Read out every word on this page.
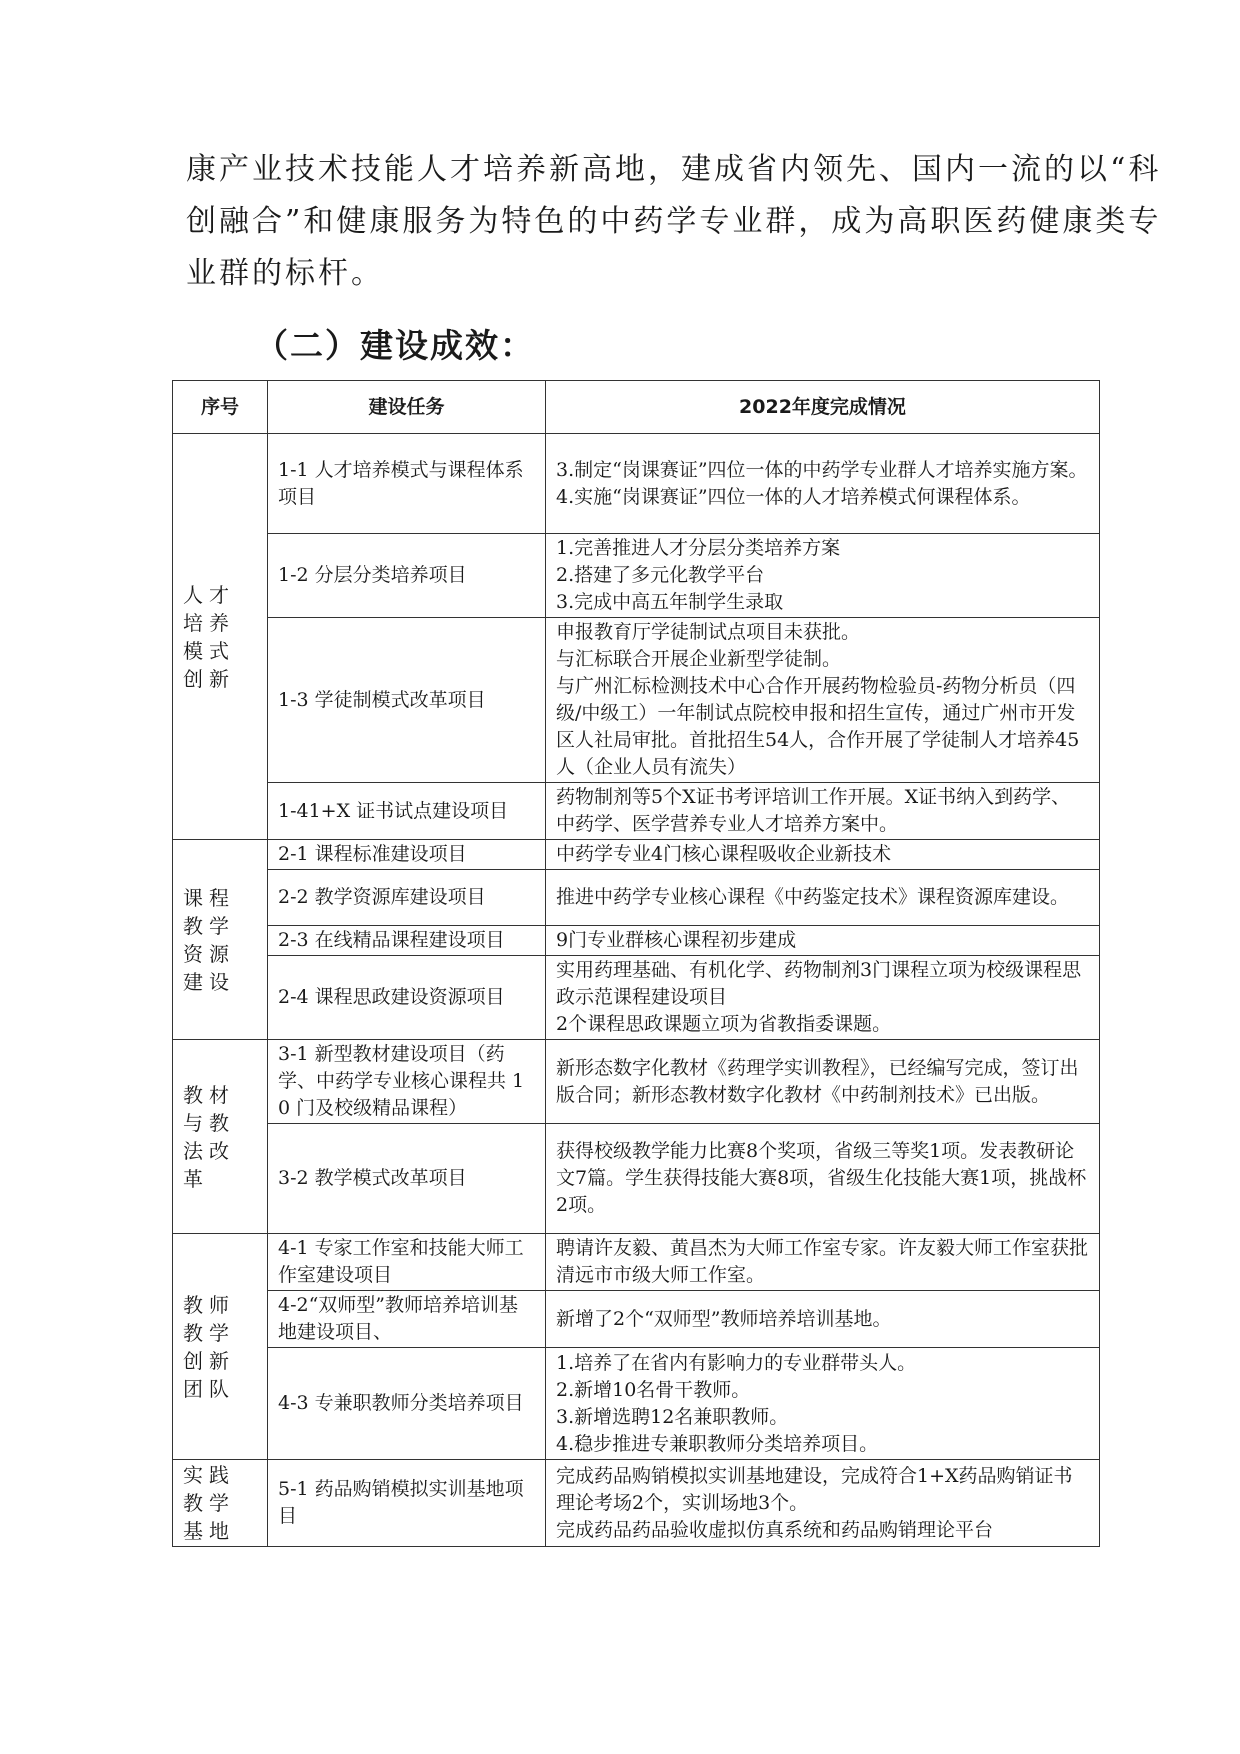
康产业技术技能人才培养新高地，建成省内领先、国内一流的以“科
创融合”和健康服务为特色的中药学专业群，成为高职医药健康类专
业群的标杆。
（二）建设成效：
序号	建设任务	2022年度完成情况
人才培养模式创新	1-1 人才培养模式与课程体系项目	3.制定“岗课赛证”四位一体的中药学专业群人才培养实施方案。
4.实施“岗课赛证”四位一体的人才培养模式何课程体系。

	1-2 分层分类培养项目	1.完善推进人才分层分类培养方案
2.搭建了多元化教学平台
3.完成中高五年制学生录取

	1-3 学徒制模式改革项目	申报教育厅学徒制试点项目未获批。
与汇标联合开展企业新型学徒制。
与广州汇标检测技术中心合作开展药物检验员-药物分析员（四级/中级工）一年制试点院校申报和招生宣传，通过广州市开发区人社局审批。首批招生54人，合作开展了学徒制人才培养45人（企业人员有流失）

	1-41+X 证书试点建设项目	药物制剂等5个X证书考评培训工作开展。X证书纳入到药学、中药学、医学营养专业人才培养方案中。

课程教学资源建设	2-1 课程标准建设项目	中药学专业4门核心课程吸收企业新技术

	2-2 教学资源库建设项目	推进中药学专业核心课程《中药鉴定技术》课程资源库建设。

	2-3 在线精品课程建设项目	9门专业群核心课程初步建成

	2-4 课程思政建设资源项目	实用药理基础、有机化学、药物制剂3门课程立项为校级课程思政示范课程建设项目
2个课程思政课题立项为省教指委课题。

教材与教法改革	3-1 新型教材建设项目（药学、中药学专业核心课程共 10 门及校级精品课程）	新形态数字化教材《药理学实训教程》，已经编写完成，签订出版合同；新形态教材数字化教材《中药制剂技术》已出版。

	3-2 教学模式改革项目	获得校级教学能力比赛8个奖项，省级三等奖1项。发表教研论文7篇。学生获得技能大赛8项，省级生化技能大赛1项，挑战杯2项。

教师教学创新团队	4-1 专家工作室和技能大师工作室建设项目	聘请许友毅、黄昌杰为大师工作室专家。许友毅大师工作室获批清远市市级大师工作室。

	4-2“双师型”教师培养培训基地建设项目、	新增了2个“双师型”教师培养培训基地。

	4-3 专兼职教师分类培养项目	1.培养了在省内有影响力的专业群带头人。
2.新增10名骨干教师。
3.新增选聘12名兼职教师。
4.稳步推进专兼职教师分类培养项目。

实践教学基地	5-1 药品购销模拟实训基地项目	完成药品购销模拟实训基地建设，完成符合1+X药品购销证书理论考场2个，实训场地3个。
完成药品药品验收虚拟仿真系统和药品购销理论平台
